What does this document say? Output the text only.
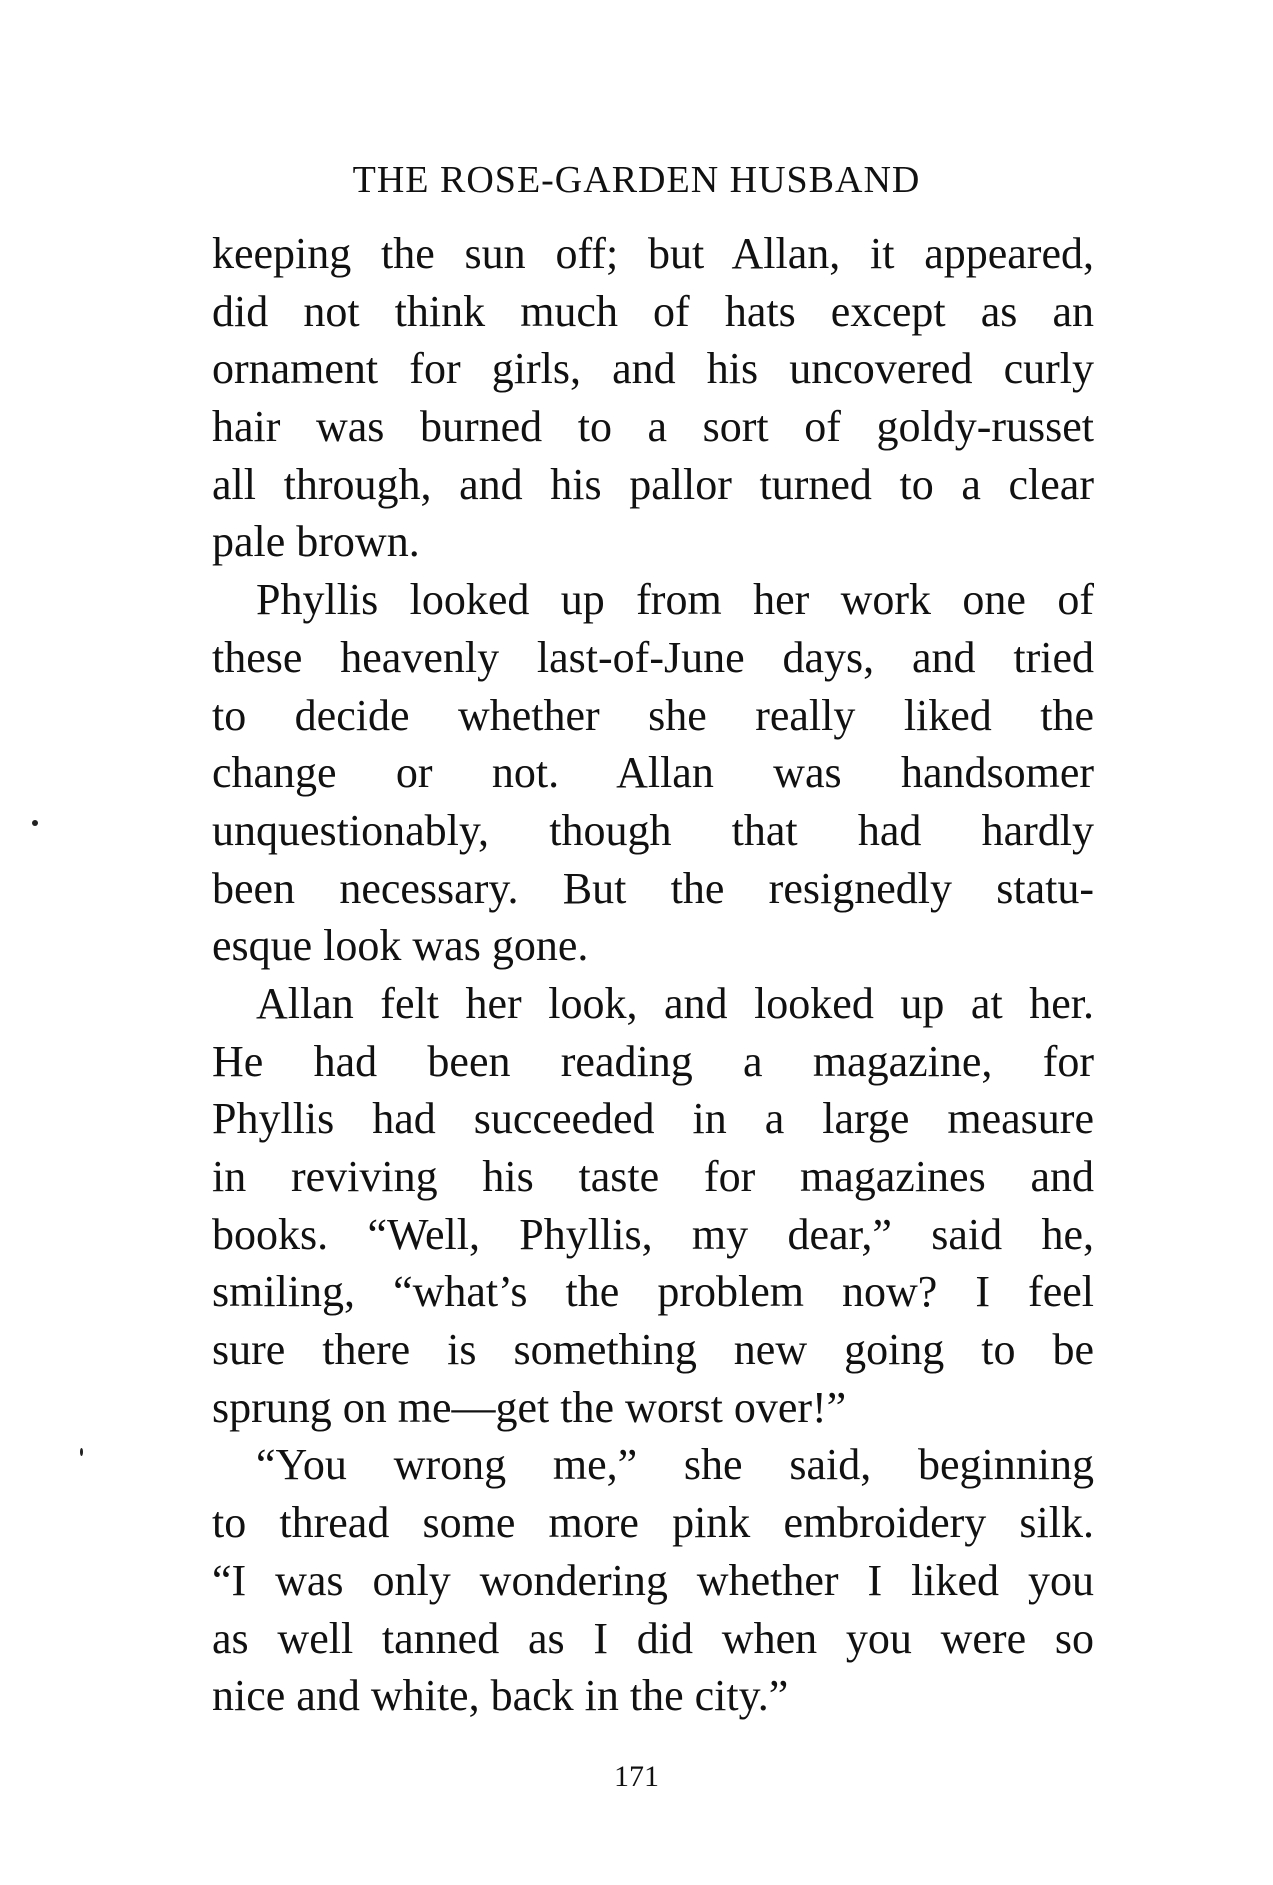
THE ROSE-GARDEN HUSBAND
keeping the sun off; but Allan, it appeared,
did not think much of hats except as an
ornament for girls, and his uncovered curly
hair was burned to a sort of goldy-russet
all through, and his pallor turned to a clear
pale brown.
Phyllis looked up from her work one of
these heavenly last-of-June days, and tried
to decide whether she really liked the
change or not. Allan was handsomer
unquestionably, though that had hardly
been necessary. But the resignedly statu-
esque look was gone.
Allan felt her look, and looked up at her.
He had been reading a magazine, for
Phyllis had succeeded in a large measure
in reviving his taste for magazines and
books. “Well, Phyllis, my dear,” said he,
smiling, “what’s the problem now? I feel
sure there is something new going to be
sprung on me—get the worst over!”
“You wrong me,” she said, beginning
to thread some more pink embroidery silk.
“I was only wondering whether I liked you
as well tanned as I did when you were so
nice and white, back in the city.”
171
